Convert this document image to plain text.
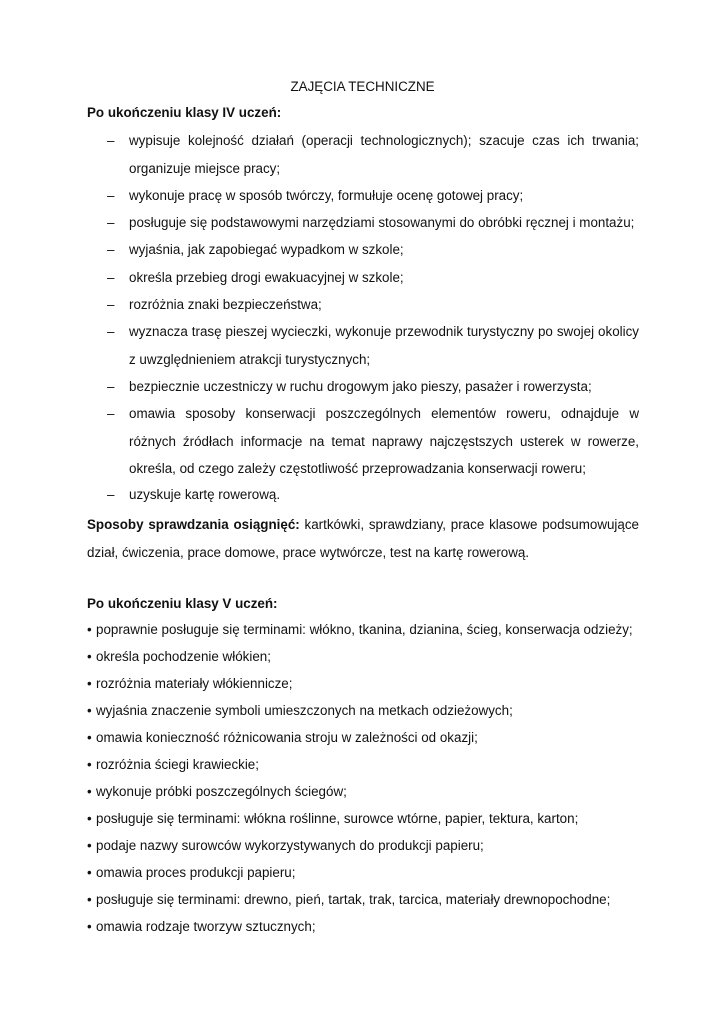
ZAJĘCIA TECHNICZNE
Po ukończeniu klasy IV uczeń:
– wypisuje kolejność działań (operacji technologicznych); szacuje czas ich trwania; organizuje miejsce pracy;
– wykonuje pracę w sposób twórczy, formułuje ocenę gotowej pracy;
– posługuje się podstawowymi narzędziami stosowanymi do obróbki ręcznej i montażu;
– wyjaśnia, jak zapobiegać wypadkom w szkole;
– określa przebieg drogi ewakuacyjnej w szkole;
– rozróżnia znaki bezpieczeństwa;
– wyznacza trasę pieszej wycieczki, wykonuje przewodnik turystyczny po swojej okolicy z uwzględnieniem atrakcji turystycznych;
– bezpiecznie uczestniczy w ruchu drogowym jako pieszy, pasażer i rowerzysta;
– omawia sposoby konserwacji poszczególnych elementów roweru, odnajduje w różnych źródłach informacje na temat naprawy najczęstszych usterek w rowerze, określa, od czego zależy częstotliwość przeprowadzania konserwacji roweru;
– uzyskuje kartę rowerową.
Sposoby sprawdzania osiągnięć: kartkówki, sprawdziany, prace klasowe podsumowujące dział, ćwiczenia, prace domowe, prace wytwórcze, test na kartę rowerową.
Po ukończeniu klasy V uczeń:
• poprawnie posługuje się terminami: włókno, tkanina, dzianina, ścieg, konserwacja odzieży;
• określa pochodzenie włókien;
• rozróżnia materiały włókiennicze;
• wyjaśnia znaczenie symboli umieszczonych na metkach odzieżowych;
• omawia konieczność różnicowania stroju w zależności od okazji;
• rozróżnia ściegi krawieckie;
• wykonuje próbki poszczególnych ściegów;
• posługuje się terminami: włókna roślinne, surowce wtórne, papier, tektura, karton;
• podaje nazwy surowców wykorzystywanych do produkcji papieru;
• omawia proces produkcji papieru;
• posługuje się terminami: drewno, pień, tartak, trak, tarcica, materiały drewnopochodne;
• omawia rodzaje tworzyw sztucznych;
